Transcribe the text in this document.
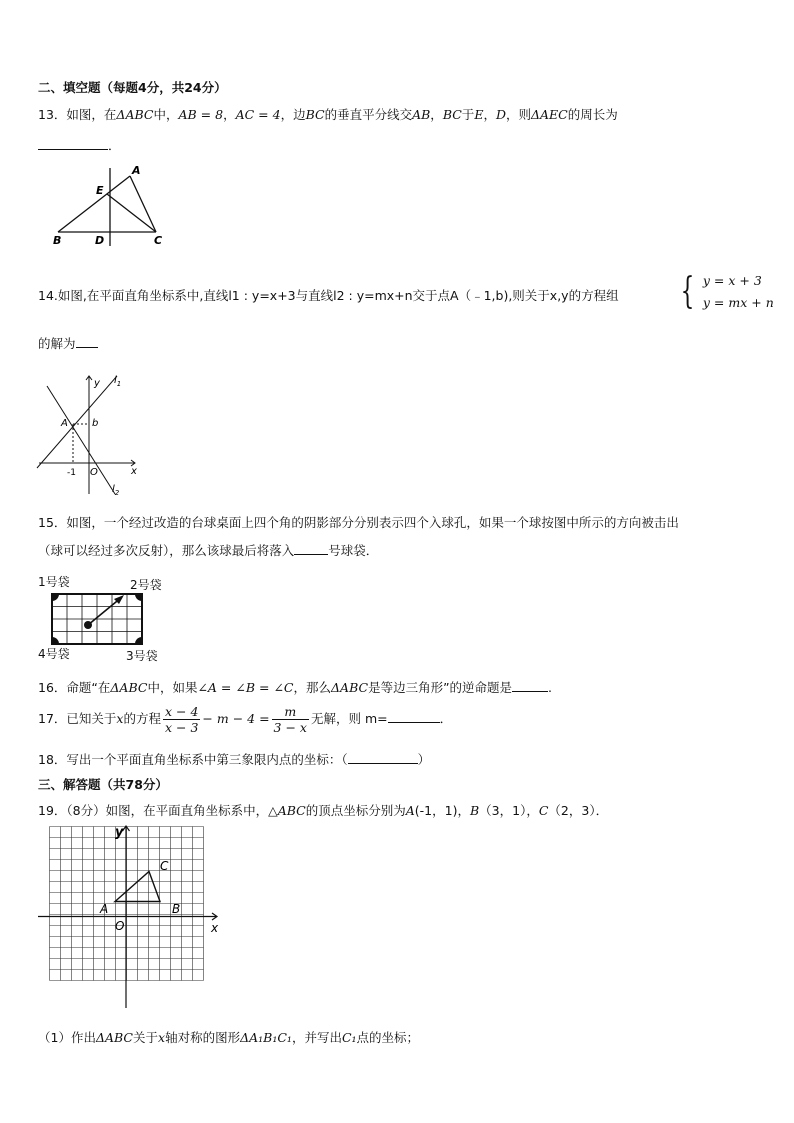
二、填空题（每题4分，共24分）
13．如图，在ΔABC中，AB = 8，AC = 4，边BC的垂直平分线交AB，BC于E，D，则ΔAEC的周长为
．
A
E
B	D	C
14.如图,在平面直角坐标系中,直线l1 : y=x+3与直线l2 : y=mx+n交于点A（﹣1,b),则关于x,y的方程组 { y = x + 3
y = mx + n
的解为
y
x
$l_1$
$l_2$
A b
-1 O
15．如图，一个经过改造的台球桌面上四个角的阴影部分分别表示四个入球孔，如果一个球按图中所示的方向被击出
（球可以经过多次反射），那么该球最后将落入	号球袋．
1号袋	2号袋
4号袋	3号袋
16．命题“在ΔABC中，如果∠A = ∠B = ∠C，那么ΔABC是等边三角形”的逆命题是	.
17．已知关于x的方程 $\frac{x - 4}{x - 3} - m - 4 = \frac{m}{3 - x}$ 无解，则 m=	．
18．写出一个平面直角坐标系中第三象限内点的坐标：（	）
三、解答题（共78分）
19．（8分）如图，在平面直角坐标系中，△ABC的顶点坐标分别为A(-1，1)，B（3，1），C（2，3）．
y
x
O
A	B
C
（1）作出ΔABC关于x轴对称的图形ΔA₁B₁C₁，并写出C₁点的坐标；
